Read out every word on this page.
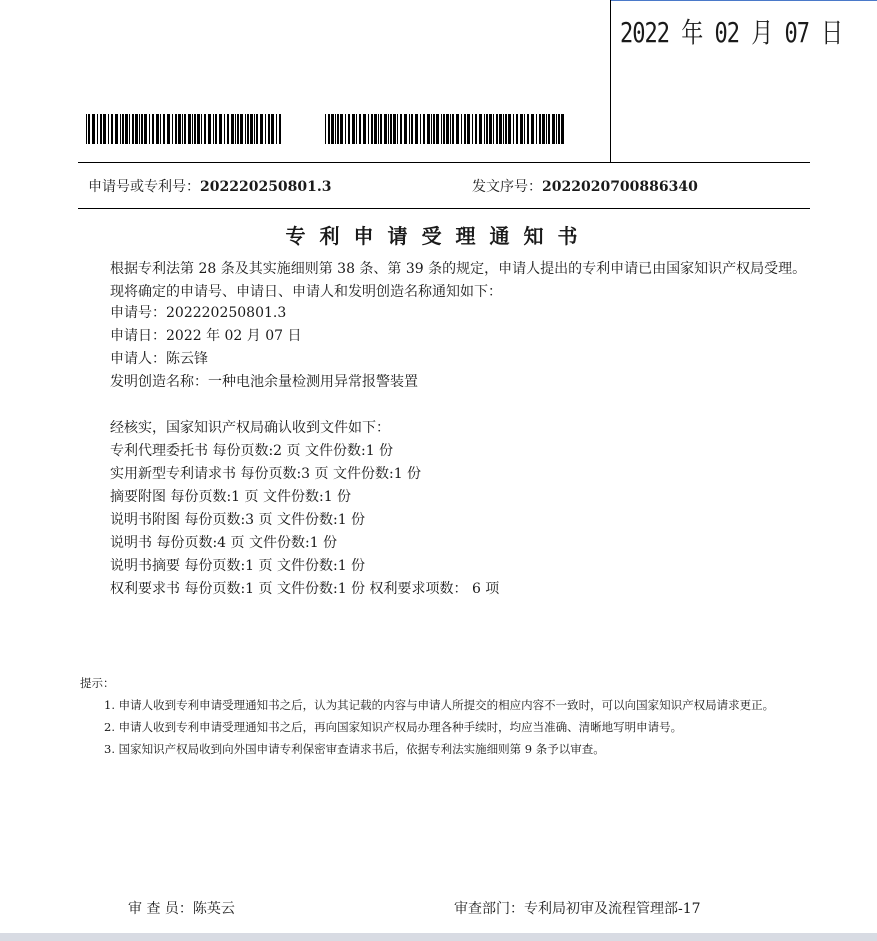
2022 年 02 月 07 日
申请号或专利号：202220250801.3	发文序号：2022020700886340
专利申请受理通知书
根据专利法第 28 条及其实施细则第 38 条、第 39 条的规定，申请人提出的专利申请已由国家知识产权局受理。现将确定的申请号、申请日、申请人和发明创造名称通知如下：
申请号：202220250801.3
申请日：2022 年 02 月 07 日
申请人：陈云锋
发明创造名称：一种电池余量检测用异常报警装置
经核实，国家知识产权局确认收到文件如下：
专利代理委托书 每份页数:2 页 文件份数:1 份
实用新型专利请求书 每份页数:3 页 文件份数:1 份
摘要附图 每份页数:1 页 文件份数:1 份
说明书附图 每份页数:3 页 文件份数:1 份
说明书 每份页数:4 页 文件份数:1 份
说明书摘要 每份页数:1 页 文件份数:1 份
权利要求书 每份页数:1 页 文件份数:1 份 权利要求项数： 6 项

提示：

1. 申请人收到专利申请受理通知书之后，认为其记载的内容与申请人所提交的相应内容不一致时，可以向国家知识产权局请求更正。

2. 申请人收到专利申请受理通知书之后，再向国家知识产权局办理各种手续时，均应当准确、清晰地写明申请号。

3. 国家知识产权局收到向外国申请专利保密审查请求书后，依据专利法实施细则第 9 条予以审查。

审 查 员：陈英云	审查部门：专利局初审及流程管理部-17
